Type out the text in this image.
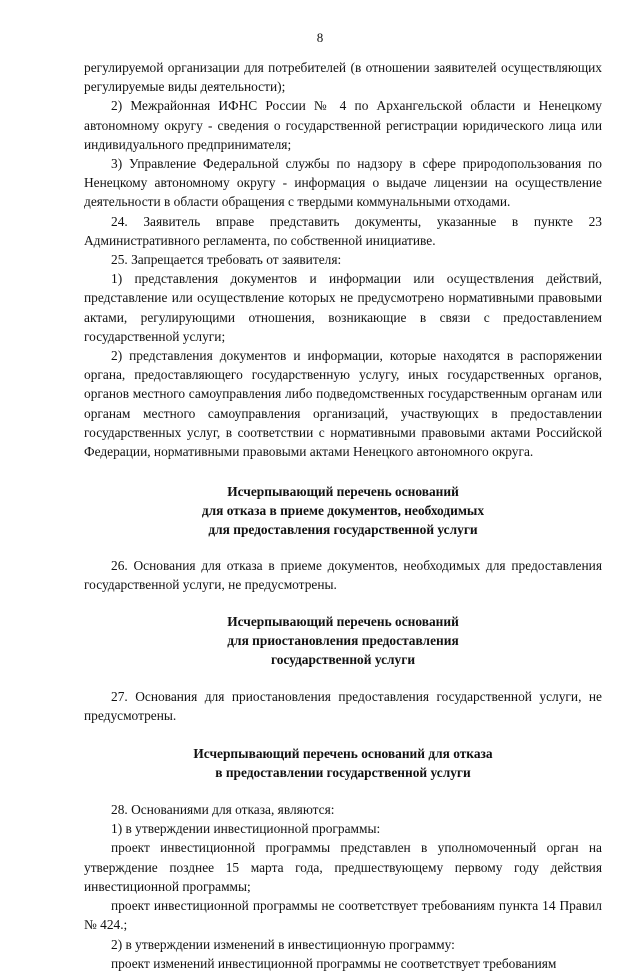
8

регулируемой организации для потребителей (в отношении заявителей осуществляющих регулируемые виды деятельности);

2) Межрайонная ИФНС России № 4 по Архангельской области и Ненецкому автономному округу - сведения о государственной регистрации юридического лица или индивидуального предпринимателя;

3) Управление Федеральной службы по надзору в сфере природопользования по Ненецкому автономному округу - информация о выдаче лицензии на осуществление деятельности в области обращения с твердыми коммунальными отходами.

24. Заявитель вправе представить документы, указанные в пункте 23 Административного регламента, по собственной инициативе.

25. Запрещается требовать от заявителя:

1) представления документов и информации или осуществления действий, представление или осуществление которых не предусмотрено нормативными правовыми актами, регулирующими отношения, возникающие в связи с предоставлением государственной услуги;

2) представления документов и информации, которые находятся в распоряжении органа, предоставляющего государственную услугу, иных государственных органов, органов местного самоуправления либо подведомственных государственным органам или органам местного самоуправления организаций, участвующих в предоставлении государственных услуг, в соответствии с нормативными правовыми актами Российской Федерации, нормативными правовыми актами Ненецкого автономного округа.

Исчерпывающий перечень оснований
для отказа в приеме документов, необходимых
для предоставления государственной услуги

26. Основания для отказа в приеме документов, необходимых для предоставления государственной услуги, не предусмотрены.

Исчерпывающий перечень оснований
для приостановления предоставления
государственной услуги

27. Основания для приостановления предоставления государственной услуги, не предусмотрены.

Исчерпывающий перечень оснований для отказа
в предоставлении государственной услуги

28. Основаниями для отказа, являются:

1) в утверждении инвестиционной программы:

проект инвестиционной программы представлен в уполномоченный орган на утверждение позднее 15 марта года, предшествующему первому году действия инвестиционной программы;

проект инвестиционной программы не соответствует требованиям пункта 14 Правил № 424.;

2) в утверждении изменений в инвестиционную программу:

проект изменений инвестиционной программы не соответствует требованиям
